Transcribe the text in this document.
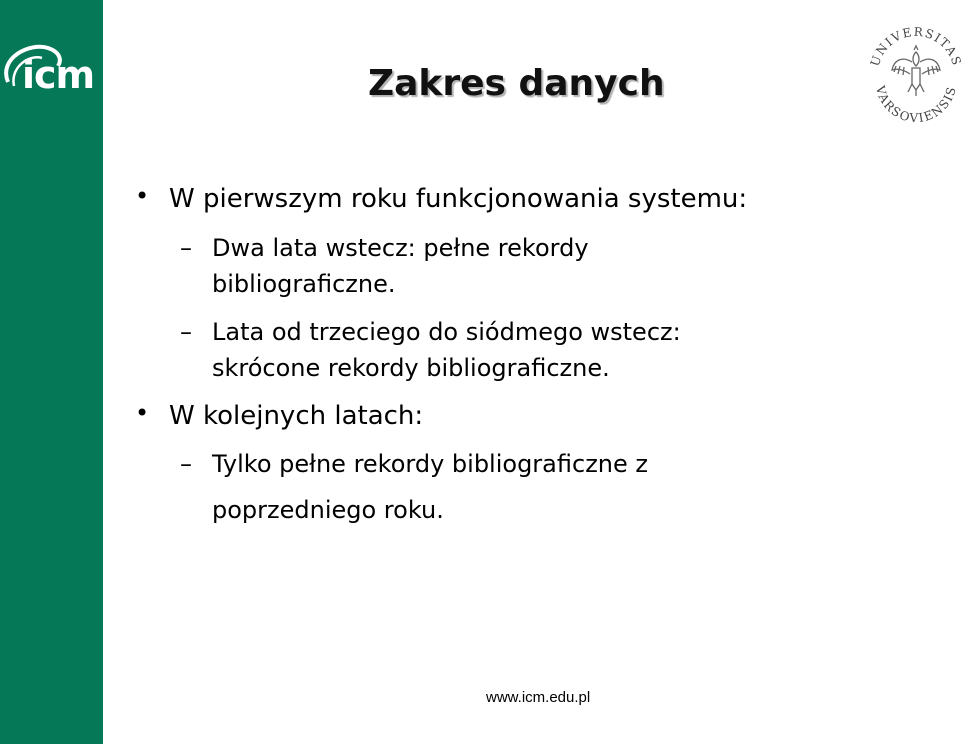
icm	UNIVERSITAS
VARSOVIENSIS
Zakres danych
• W pierwszym roku funkcjonowania systemu:
– Dwa lata wstecz: pełne rekordy
bibliograficzne.
– Lata od trzeciego do siódmego wstecz:
skrócone rekordy bibliograficzne.
• W kolejnych latach:
– Tylko pełne rekordy bibliograficzne z
poprzedniego roku.
www.icm.edu.pl
